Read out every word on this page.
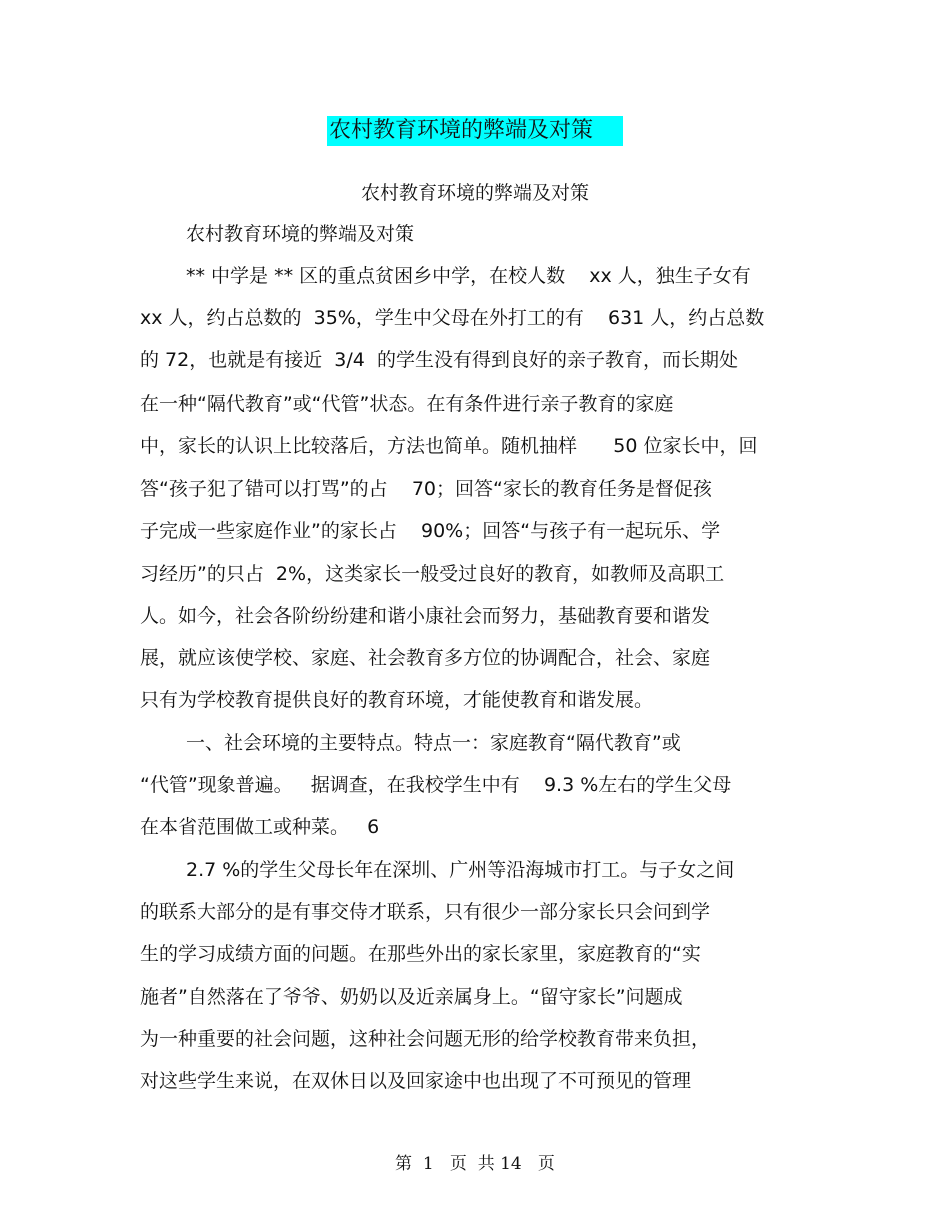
农村教育环境的弊端及对策
农村教育环境的弊端及对策
农村教育环境的弊端及对策
** 中学是 ** 区的重点贫困乡中学，在校人数    xx 人，独生子女有
xx 人，约占总数的  35%，学生中父母在外打工的有    631 人，约占总数
的 72，也就是有接近  3/4  的学生没有得到良好的亲子教育，而长期处
在一种“隔代教育”或“代管”状态。在有条件进行亲子教育的家庭
中，家长的认识上比较落后，方法也简单。随机抽样      50 位家长中，回
答“孩子犯了错可以打骂”的占    70；回答“家长的教育任务是督促孩
子完成一些家庭作业”的家长占    90%；回答“与孩子有一起玩乐、学
习经历”的只占  2%，这类家长一般受过良好的教育，如教师及高职工
人。如今，社会各阶纷纷建和谐小康社会而努力，基础教育要和谐发
展，就应该使学校、家庭、社会教育多方位的协调配合，社会、家庭
只有为学校教育提供良好的教育环境，才能使教育和谐发展。
一、社会环境的主要特点。特点一：家庭教育“隔代教育”或
“代管”现象普遍。   据调查，在我校学生中有    9.3 %左右的学生父母
在本省范围做工或种菜。   6
2.7 %的学生父母长年在深圳、广州等沿海城市打工。与子女之间
的联系大部分的是有事交侍才联系，只有很少一部分家长只会问到学
生的学习成绩方面的问题。在那些外出的家长家里，家庭教育的“实
施者”自然落在了爷爷、奶奶以及近亲属身上。“留守家长”问题成
为一种重要的社会问题，这种社会问题无形的给学校教育带来负担，
对这些学生来说，在双休日以及回家途中也出现了不可预见的管理
第  1   页  共 14   页
